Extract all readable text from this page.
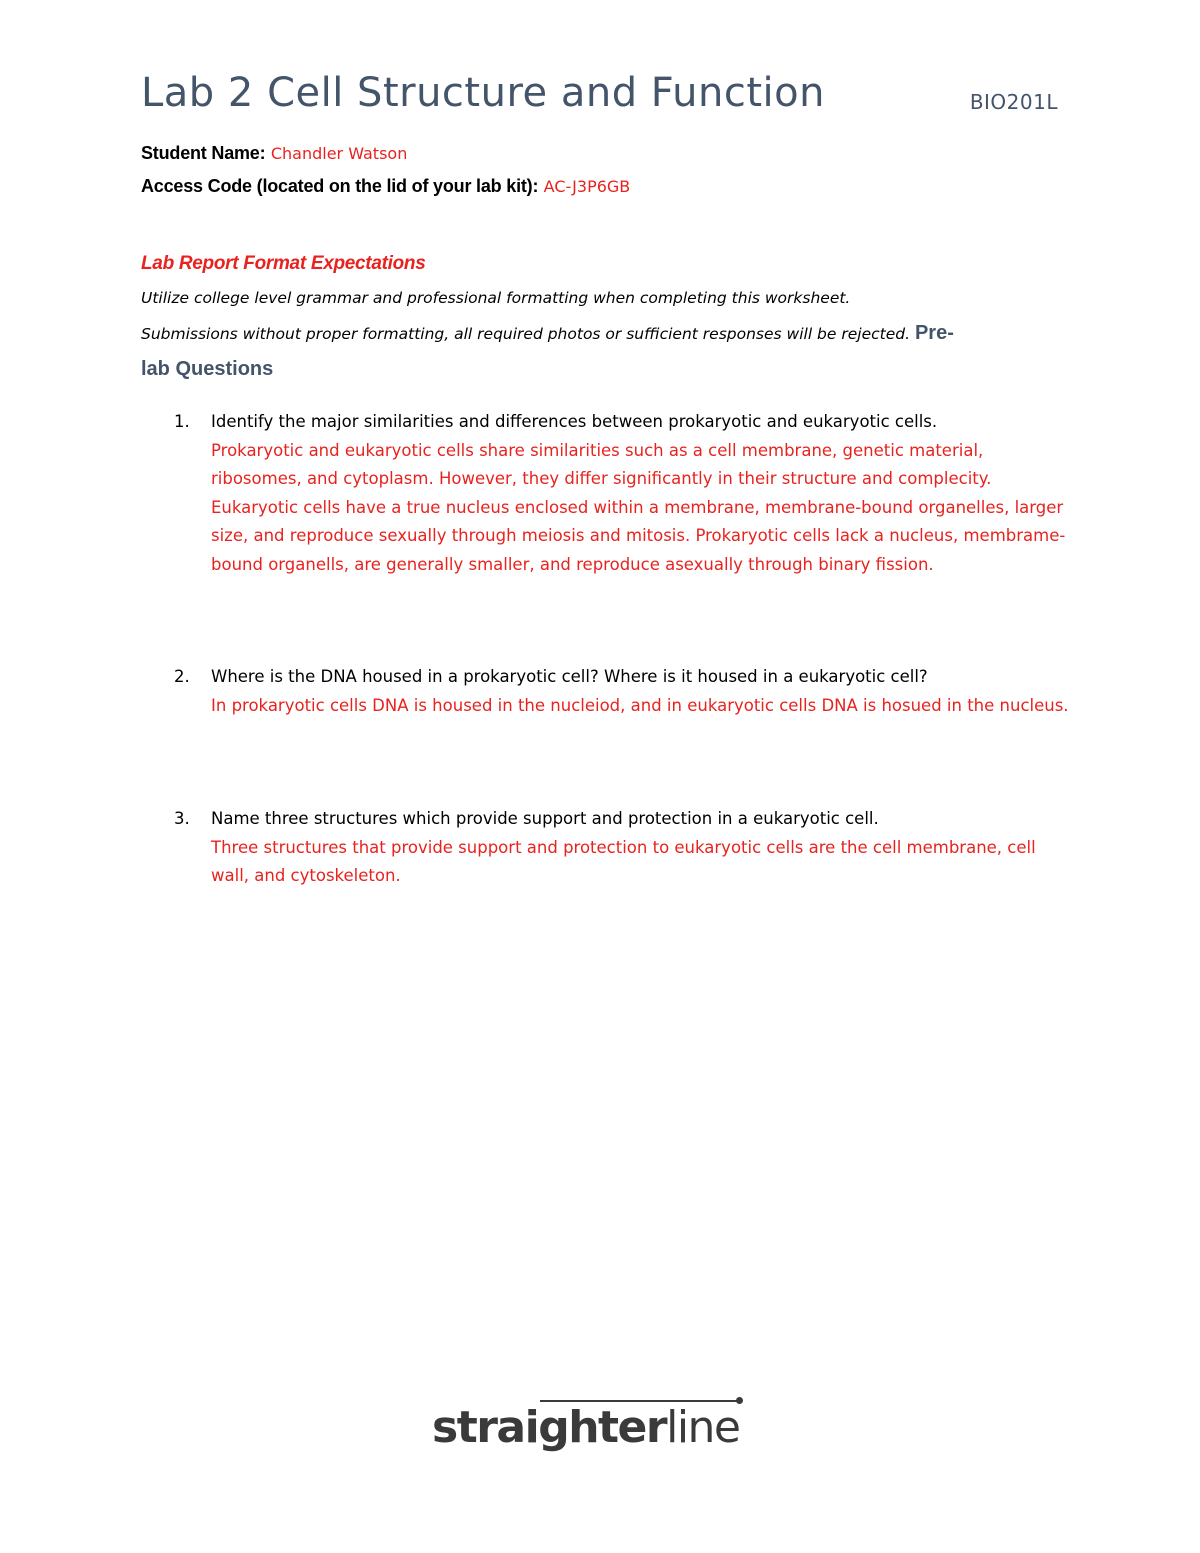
Lab 2 Cell Structure and Function	BIO201L
Student Name: Chandler Watson
Access Code (located on the lid of your lab kit): AC-J3P6GB
Lab Report Format Expectations
Utilize college level grammar and professional formatting when completing this worksheet.
Submissions without proper formatting, all required photos or sufficient responses will be rejected. Pre-
lab Questions
1. Identify the major similarities and differences between prokaryotic and eukaryotic cells.
Prokaryotic and eukaryotic cells share similarities such as a cell membrane, genetic material, ribosomes, and cytoplasm. However, they differ significantly in their structure and complecity. Eukaryotic cells have a true nucleus enclosed within a membrane, membrane-bound organelles, larger size, and reproduce sexually through meiosis and mitosis. Prokaryotic cells lack a nucleus, membrame-bound organells, are generally smaller, and reproduce asexually through binary fission.
2. Where is the DNA housed in a prokaryotic cell? Where is it housed in a eukaryotic cell?
In prokaryotic cells DNA is housed in the nucleiod, and in eukaryotic cells DNA is hosued in the nucleus.
3. Name three structures which provide support and protection in a eukaryotic cell.
Three structures that provide support and protection to eukaryotic cells are the cell membrane, cell wall, and cytoskeleton.
straighterline
